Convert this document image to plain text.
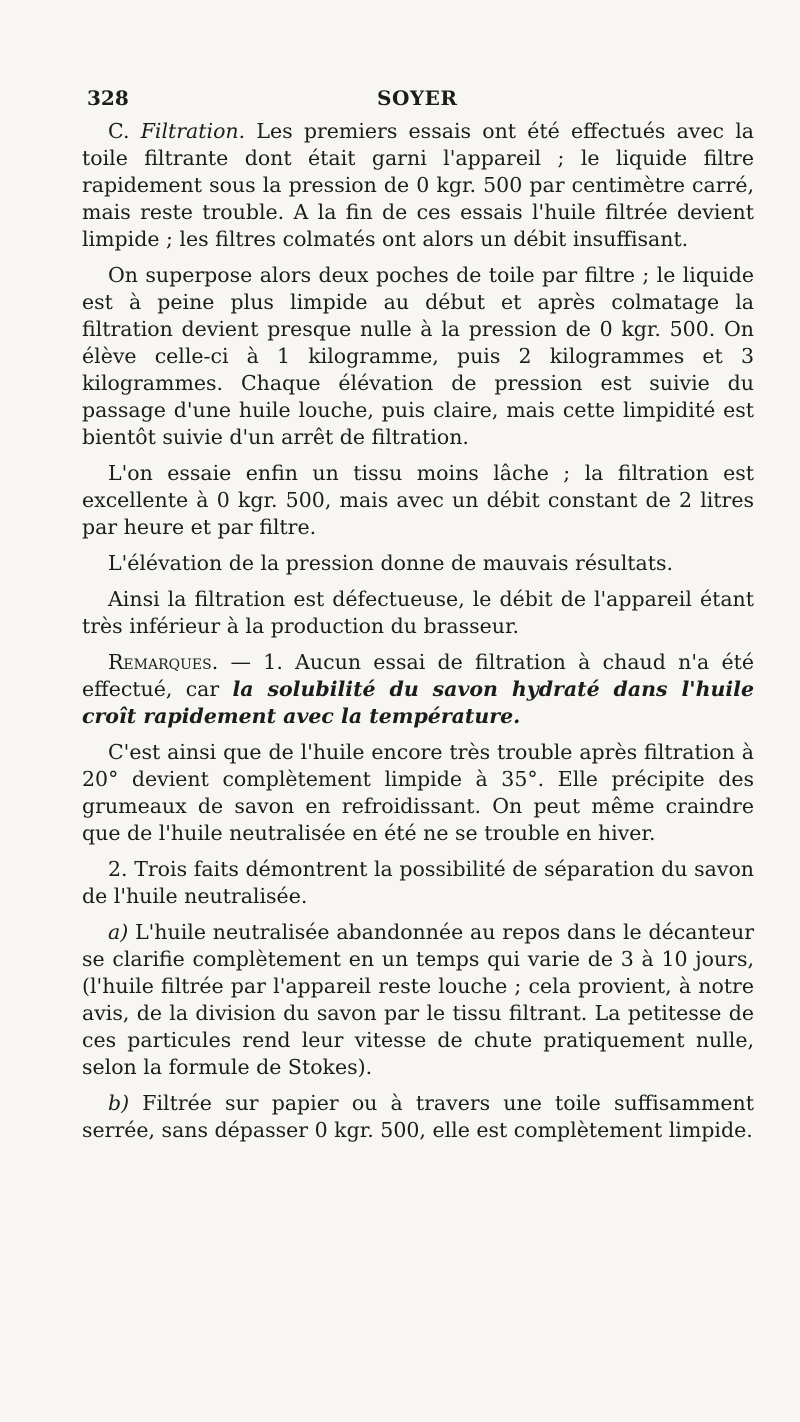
328	SOYER

C. Filtration. Les premiers essais ont été effectués avec la toile filtrante dont était garni l'appareil ; le liquide filtre rapidement sous la pression de 0 kgr. 500 par centimètre carré, mais reste trouble. A la fin de ces essais l'huile filtrée devient limpide ; les filtres colmatés ont alors un débit insuffisant.

On superpose alors deux poches de toile par filtre ; le liquide est à peine plus limpide au début et après colmatage la filtration devient presque nulle à la pression de 0 kgr. 500. On élève celle-ci à 1 kilogramme, puis 2 kilogrammes et 3 kilogrammes. Chaque élévation de pression est suivie du passage d'une huile louche, puis claire, mais cette limpidité est bientôt suivie d'un arrêt de filtration.

L'on essaie enfin un tissu moins lâche ; la filtration est excellente à 0 kgr. 500, mais avec un débit constant de 2 litres par heure et par filtre.

L'élévation de la pression donne de mauvais résultats.

Ainsi la filtration est défectueuse, le débit de l'appareil étant très inférieur à la production du brasseur.

Remarques. — 1. Aucun essai de filtration à chaud n'a été effectué, car la solubilité du savon hydraté dans l'huile croît rapidement avec la température.

C'est ainsi que de l'huile encore très trouble après filtration à 20° devient complètement limpide à 35°. Elle précipite des grumeaux de savon en refroidissant. On peut même craindre que de l'huile neutralisée en été ne se trouble en hiver.

2. Trois faits démontrent la possibilité de séparation du savon de l'huile neutralisée.

a) L'huile neutralisée abandonnée au repos dans le décanteur se clarifie complètement en un temps qui varie de 3 à 10 jours, (l'huile filtrée par l'appareil reste louche ; cela provient, à notre avis, de la division du savon par le tissu filtrant. La petitesse de ces particules rend leur vitesse de chute pratiquement nulle, selon la formule de Stokes).

b) Filtrée sur papier ou à travers une toile suffisamment serrée, sans dépasser 0 kgr. 500, elle est complètement limpide.
